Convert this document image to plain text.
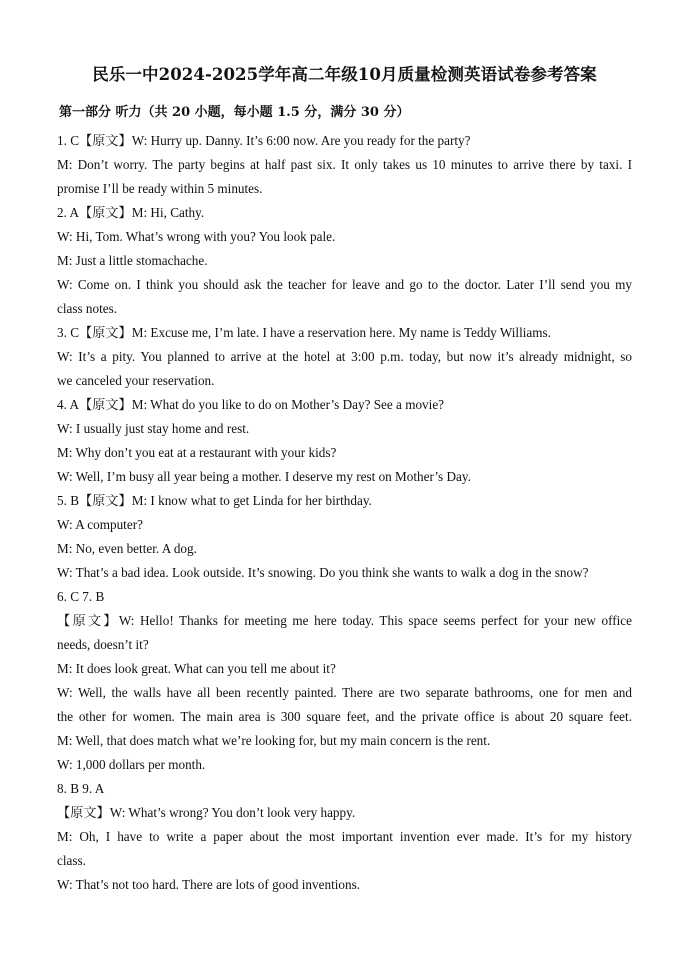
民乐一中2024-2025学年高二年级10月质量检测英语试卷参考答案
第一部分 听力（共 20 小题，每小题 1.5 分，满分 30 分）
1. C【原文】W: Hurry up. Danny. It’s 6:00 now. Are you ready for the party?
M: Don’t worry. The party begins at half past six. It only takes us 10 minutes to arrive there by taxi. I
promise I’ll be ready within 5 minutes.
2. A【原文】M: Hi, Cathy.
W: Hi, Tom. What’s wrong with you? You look pale.
M: Just a little stomachache.
W: Come on. I think you should ask the teacher for leave and go to the doctor. Later I’ll send you my
class notes.
3. C【原文】M: Excuse me, I’m late. I have a reservation here. My name is Teddy Williams.
W: It’s a pity. You planned to arrive at the hotel at 3:00 p.m. today, but now it’s already midnight, so
we canceled your reservation.
4. A【原文】M: What do you like to do on Mother’s Day? See a movie?
W: I usually just stay home and rest.
M: Why don’t you eat at a restaurant with your kids?
W: Well, I’m busy all year being a mother. I deserve my rest on Mother’s Day.
5. B【原文】M: I know what to get Linda for her birthday.
W: A computer?
M: No, even better. A dog.
W: That’s a bad idea. Look outside. It’s snowing. Do you think she wants to walk a dog in the snow?
6. C 7. B
【原文】W: Hello! Thanks for meeting me here today. This space seems perfect for your new office
needs, doesn’t it?
M: It does look great. What can you tell me about it?
W: Well, the walls have all been recently painted. There are two separate bathrooms, one for men and
the other for women. The main area is 300 square feet, and the private office is about 20 square feet.
M: Well, that does match what we’re looking for, but my main concern is the rent.
W: 1,000 dollars per month.
8. B 9. A
【原文】W: What’s wrong? You don’t look very happy.
M: Oh, I have to write a paper about the most important invention ever made. It’s for my history
class.
W: That’s not too hard. There are lots of good inventions.
